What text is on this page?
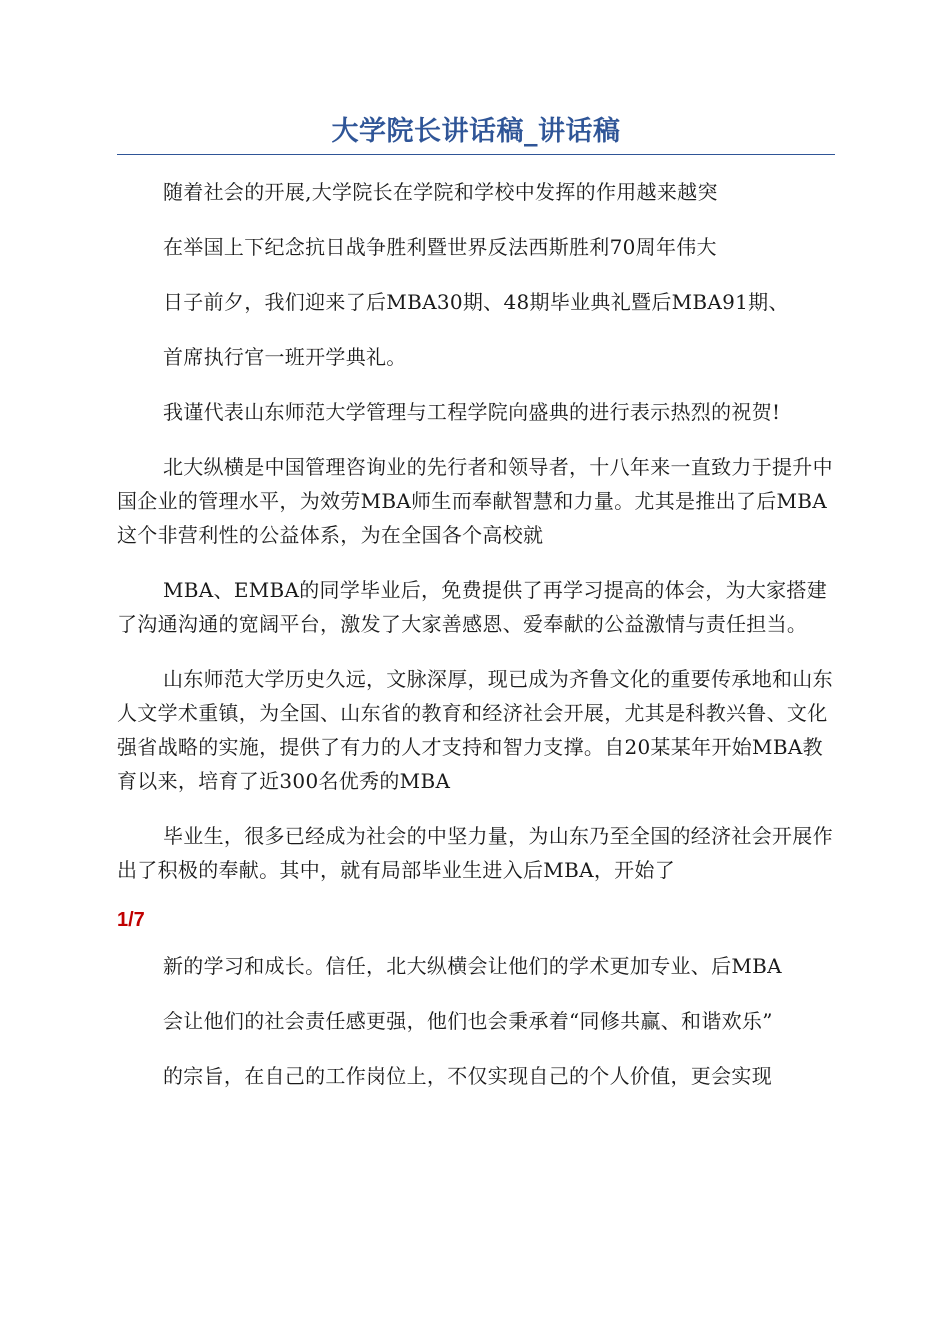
大学院长讲话稿_讲话稿

随着社会的开展,大学院长在学院和学校中发挥的作用越来越突

在举国上下纪念抗日战争胜利暨世界反法西斯胜利70周年伟大

日子前夕，我们迎来了后MBA30期、48期毕业典礼暨后MBA91期、

首席执行官一班开学典礼。

我谨代表山东师范大学管理与工程学院向盛典的进行表示热烈的祝贺!

北大纵横是中国管理咨询业的先行者和领导者，十八年来一直致力于提升中国企业的管理水平，为效劳MBA师生而奉献智慧和力量。尤其是推出了后MBA这个非营利性的公益体系，为在全国各个高校就

MBA、EMBA的同学毕业后，免费提供了再学习提高的体会，为大家搭建了沟通沟通的宽阔平台，激发了大家善感恩、爱奉献的公益激情与责任担当。

山东师范大学历史久远，文脉深厚，现已成为齐鲁文化的重要传承地和山东人文学术重镇，为全国、山东省的教育和经济社会开展，尤其是科教兴鲁、文化强省战略的实施，提供了有力的人才支持和智力支撑。自20某某年开始MBA教育以来，培育了近300名优秀的MBA

毕业生，很多已经成为社会的中坚力量，为山东乃至全国的经济社会开展作出了积极的奉献。其中，就有局部毕业生进入后MBA，开始了

1/7

新的学习和成长。信任，北大纵横会让他们的学术更加专业、后MBA

会让他们的社会责任感更强，他们也会秉承着“同修共赢、和谐欢乐”

的宗旨，在自己的工作岗位上，不仅实现自己的个人价值，更会实现
